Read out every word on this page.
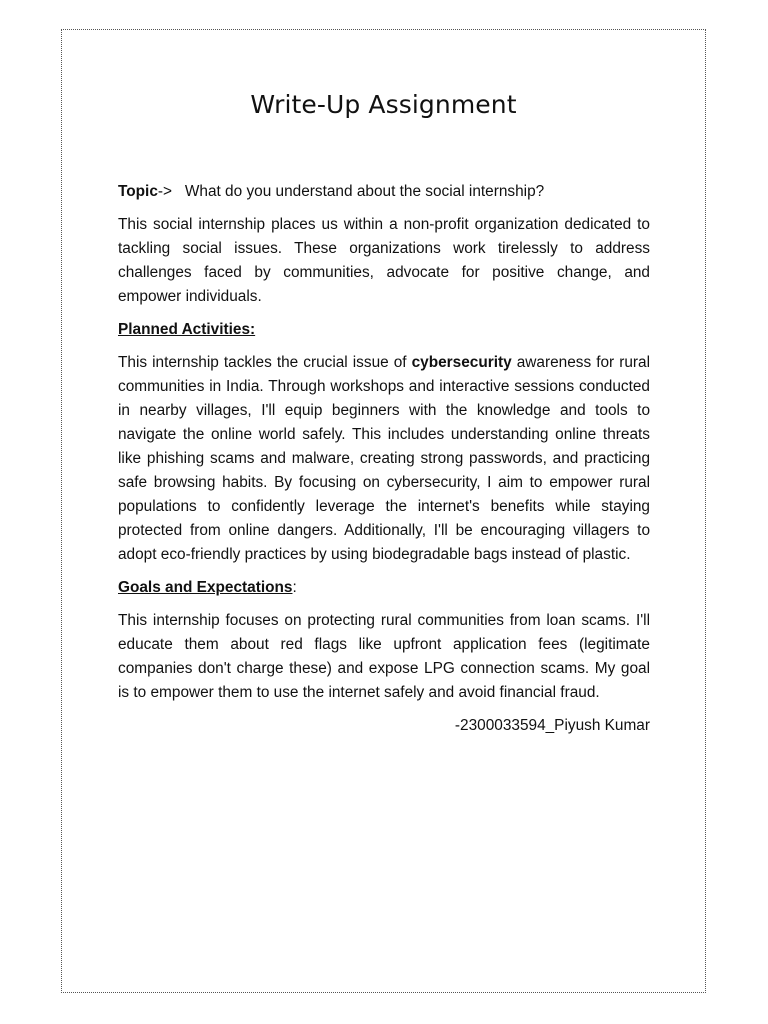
Write-Up Assignment

Topic-> What do you understand about the social internship?

This social internship places us within a non-profit organization dedicated to tackling social issues. These organizations work tirelessly to address challenges faced by communities, advocate for positive change, and empower individuals.

Planned Activities:

This internship tackles the crucial issue of cybersecurity awareness for rural communities in India. Through workshops and interactive sessions conducted in nearby villages, I'll equip beginners with the knowledge and tools to navigate the online world safely. This includes understanding online threats like phishing scams and malware, creating strong passwords, and practicing safe browsing habits. By focusing on cybersecurity, I aim to empower rural populations to confidently leverage the internet's benefits while staying protected from online dangers. Additionally, I'll be encouraging villagers to adopt eco-friendly practices by using biodegradable bags instead of plastic.

Goals and Expectations:

This internship focuses on protecting rural communities from loan scams. I'll educate them about red flags like upfront application fees (legitimate companies don't charge these) and expose LPG connection scams. My goal is to empower them to use the internet safely and avoid financial fraud.

-2300033594_Piyush Kumar
